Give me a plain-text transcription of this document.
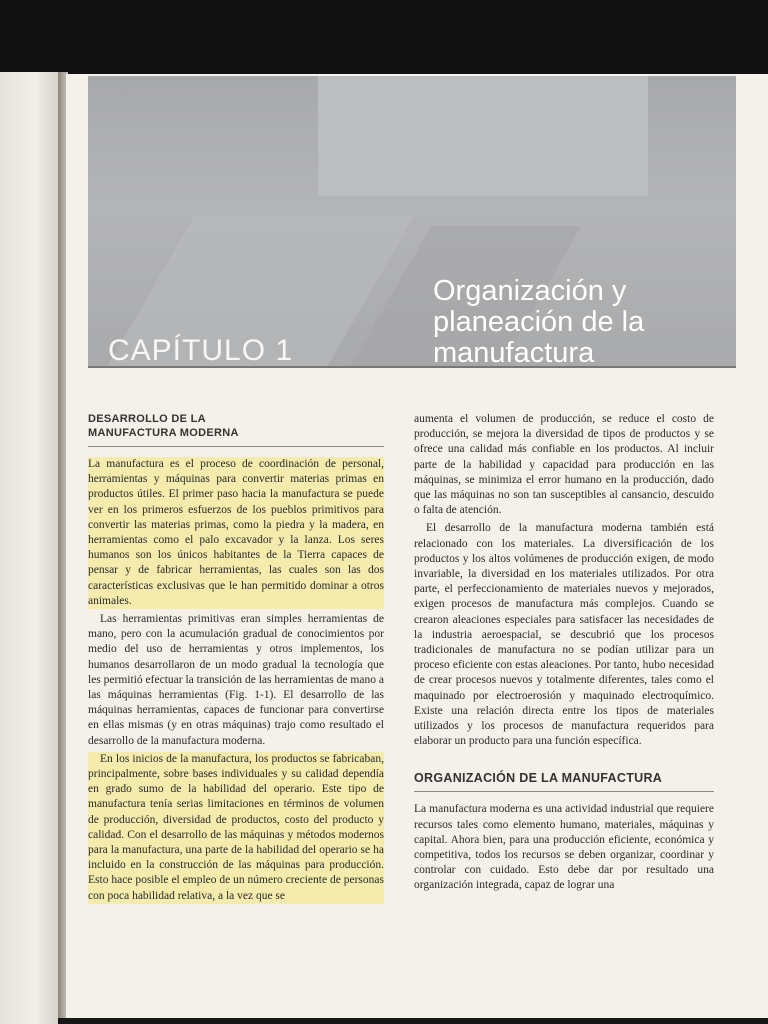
CAPÍTULO 1
Organización y
planeación de la
manufactura
DESARROLLO DE LA
MANUFACTURA MODERNA

La manufactura es el proceso de coordinación de personal, herramientas y máquinas para convertir materias primas en productos útiles. El primer paso hacia la manufactura se puede ver en los primeros esfuerzos de los pueblos primitivos para convertir las materias primas, como la piedra y la madera, en herramientas como el palo excavador y la lanza. Los seres humanos son los únicos habitantes de la Tierra capaces de pensar y de fabricar herramientas, las cuales son las dos características exclusivas que le han permitido dominar a otros animales.

Las herramientas primitivas eran simples herramientas de mano, pero con la acumulación gradual de conocimientos por medio del uso de herramientas y otros implementos, los humanos desarrollaron de un modo gradual la tecnología que les permitió efectuar la transición de las herramientas de mano a las máquinas herramientas (Fig. 1-1). El desarrollo de las máquinas herramientas, capaces de funcionar para convertirse en ellas mismas (y en otras máquinas) trajo como resultado el desarrollo de la manufactura moderna.

En los inicios de la manufactura, los productos se fabricaban, principalmente, sobre bases individuales y su calidad dependía en grado sumo de la habilidad del operario. Este tipo de manufactura tenía serias limitaciones en términos de volumen de producción, diversidad de productos, costo del producto y calidad. Con el desarrollo de las máquinas y métodos modernos para la manufactura, una parte de la habilidad del operario se ha incluido en la construcción de las máquinas para producción. Esto hace posible el empleo de un número creciente de personas con poca habilidad relativa, a la vez que se

aumenta el volumen de producción, se reduce el costo de producción, se mejora la diversidad de tipos de productos y se ofrece una calidad más confiable en los productos. Al incluir parte de la habilidad y capacidad para producción en las máquinas, se minimiza el error humano en la producción, dado que las máquinas no son tan susceptibles al cansancio, descuido o falta de atención.

El desarrollo de la manufactura moderna también está relacionado con los materiales. La diversificación de los productos y los altos volúmenes de producción exigen, de modo invariable, la diversidad en los materiales utilizados. Por otra parte, el perfeccionamiento de materiales nuevos y mejorados, exigen procesos de manufactura más complejos. Cuando se crearon aleaciones especiales para satisfacer las necesidades de la industria aeroespacial, se descubrió que los procesos tradicionales de manufactura no se podían utilizar para un proceso eficiente con estas aleaciones. Por tanto, hubo necesidad de crear procesos nuevos y totalmente diferentes, tales como el maquinado por electroerosión y maquinado electroquímico. Existe una relación directa entre los tipos de materiales utilizados y los procesos de manufactura requeridos para elaborar un producto para una función específica.

ORGANIZACIÓN DE LA MANUFACTURA

La manufactura moderna es una actividad industrial que requiere recursos tales como elemento humano, materiales, máquinas y capital. Ahora bien, para una producción eficiente, económica y competitiva, todos los recursos se deben organizar, coordinar y controlar con cuidado. Esto debe dar por resultado una organización integrada, capaz de lograr una
